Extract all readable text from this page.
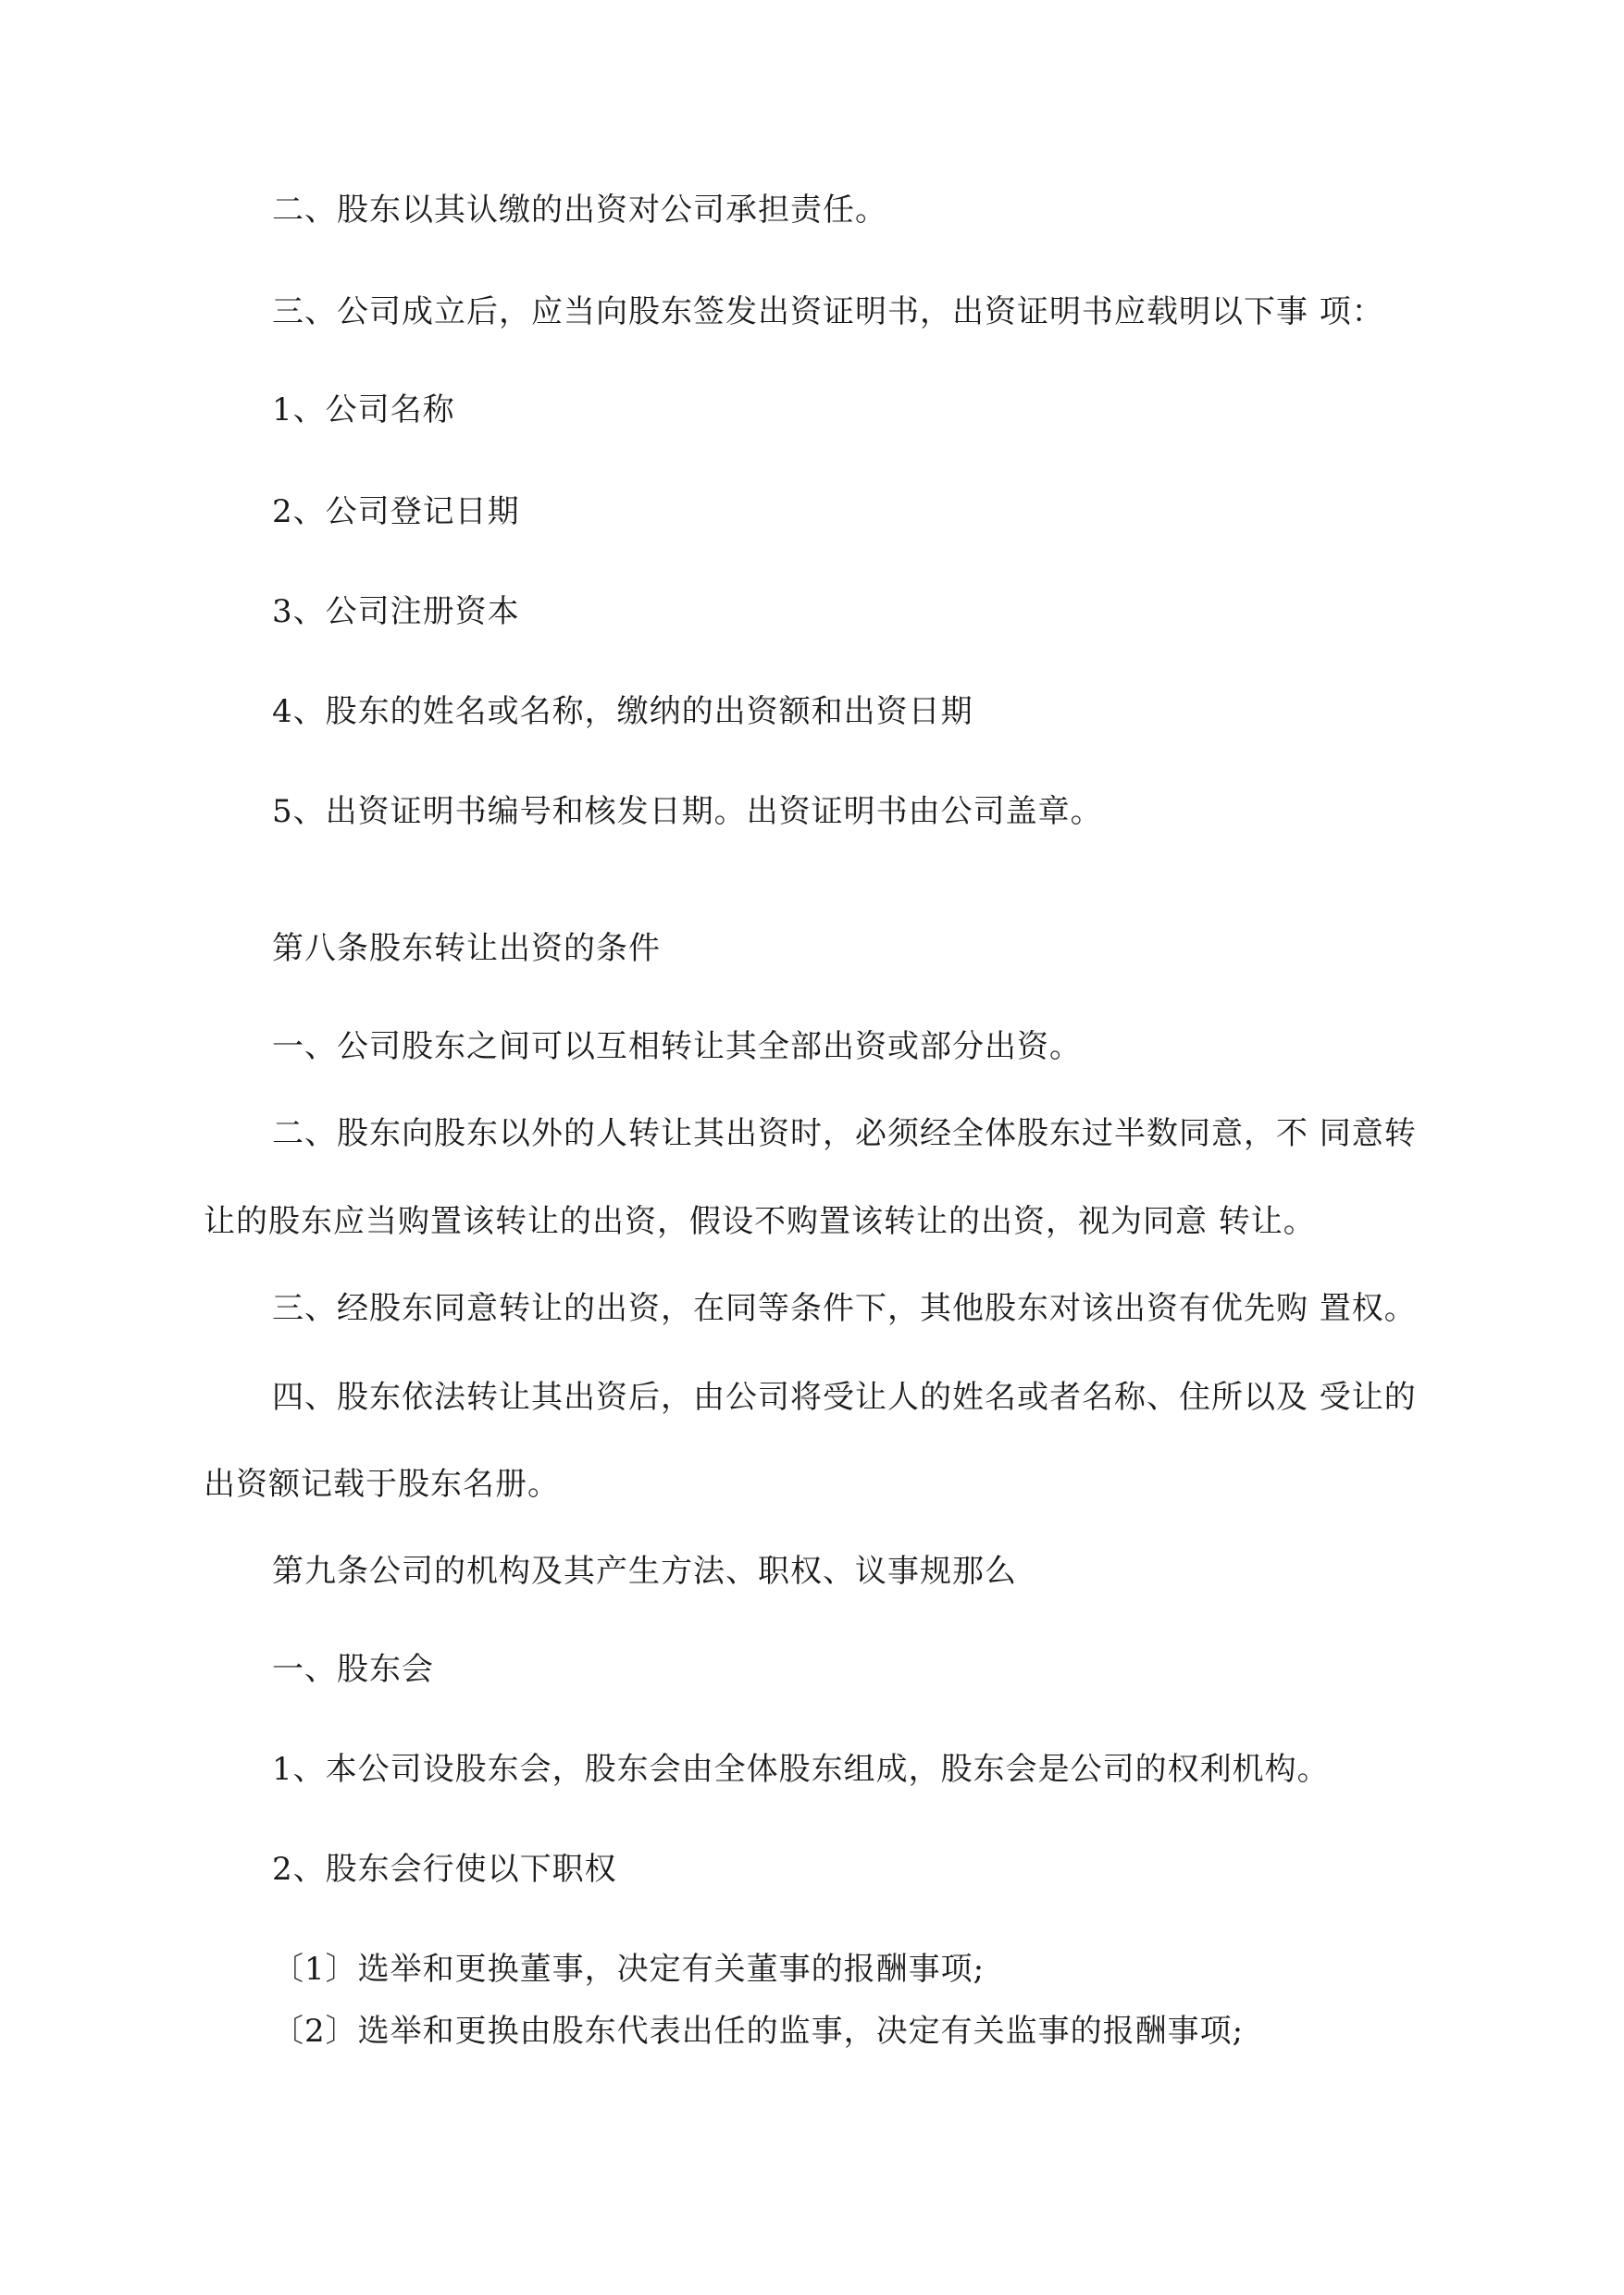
二、股东以其认缴的出资对公司承担责任。
三、公司成立后，应当向股东签发出资证明书，出资证明书应载明以下事 项：
1、公司名称
2、公司登记日期
3、公司注册资本
4、股东的姓名或名称，缴纳的出资额和出资日期
5、出资证明书编号和核发日期。出资证明书由公司盖章。
第八条股东转让出资的条件
一、公司股东之间可以互相转让其全部出资或部分出资。
二、股东向股东以外的人转让其出资时，必须经全体股东过半数同意，不 同意转
让的股东应当购置该转让的出资，假设不购置该转让的出资，视为同意 转让。
三、经股东同意转让的出资，在同等条件下，其他股东对该出资有优先购 置权。
四、股东依法转让其出资后，由公司将受让人的姓名或者名称、住所以及 受让的
出资额记载于股东名册。
第九条公司的机构及其产生方法、职权、议事规那么
一、股东会
1、本公司设股东会，股东会由全体股东组成，股东会是公司的权利机构。
2、股东会行使以下职权
〔1〕选举和更换董事，决定有关董事的报酬事项;
〔2〕选举和更换由股东代表出任的监事，决定有关监事的报酬事项;
